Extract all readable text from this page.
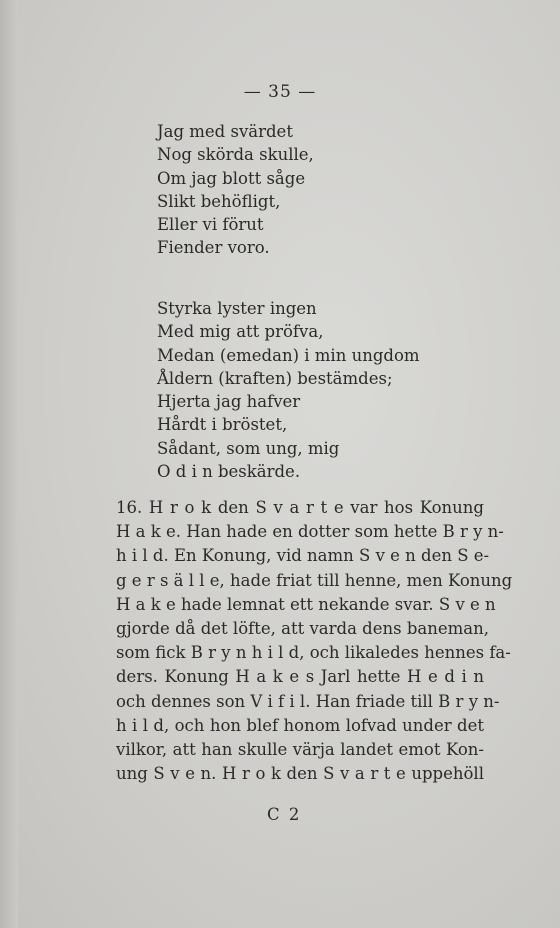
— 35 —
Jag med svärdet
Nog skörda skulle,
Om jag blott såge
Slikt behöfligt,
Eller vi förut
Fiender voro.
Styrka lyster ingen
Med mig att pröfva,
Medan (emedan) i min ungdom
Åldern (kraften) bestämdes;
Hjerta jag hafver
Hårdt i bröstet,
Sådant, som ung, mig
O d i n beskärde.
16. H r o k den S v a r t e var hos Konung
H a k e. Han hade en dotter som hette B r y n-
h i l d. En Konung, vid namn S v e n den S e-
g e r s ä l l e, hade friat till henne, men Konung
H a k e hade lemnat ett nekande svar. S v e n
gjorde då det löfte, att varda dens baneman,
som fick B r y n h i l d, och likaledes hennes fa-
ders. Konung H a k e s Jarl hette H e d i n
och dennes son V i f i l. Han friade till B r y n-
h i l d, och hon blef honom lofvad under det
vilkor, att han skulle värja landet emot Kon-
ung S v e n. H r o k den S v a r t e uppehöll
C 2
